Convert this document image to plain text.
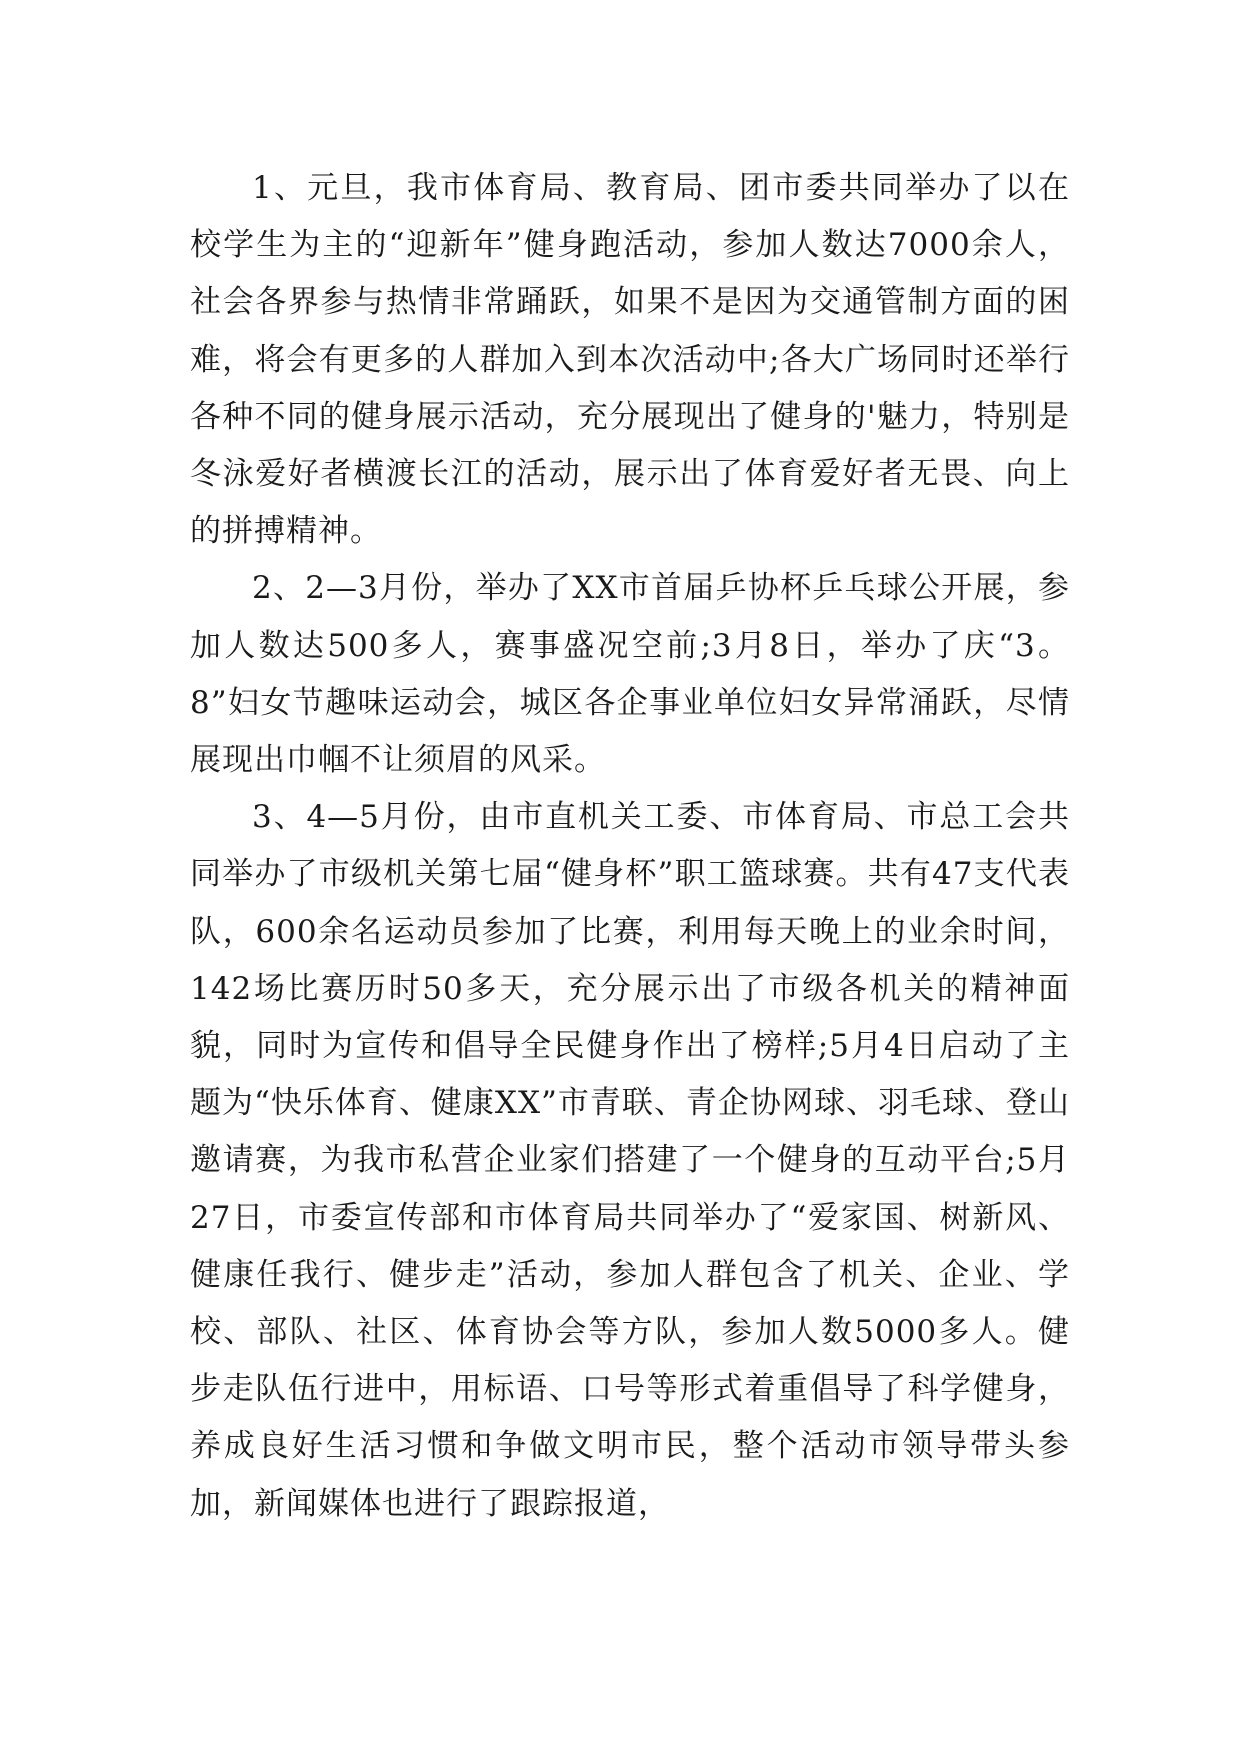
1、元旦，我市体育局、教育局、团市委共同举办了以在校学生为主的“迎新年”健身跑活动，参加人数达7000余人，社会各界参与热情非常踊跃，如果不是因为交通管制方面的困难，将会有更多的人群加入到本次活动中;各大广场同时还举行各种不同的健身展示活动，充分展现出了健身的'魅力，特别是冬泳爱好者横渡长江的活动，展示出了体育爱好者无畏、向上的拼搏精神。

2、2—3月份，举办了XX市首届乒协杯乒乓球公开展，参加人数达500多人，赛事盛况空前;3月8日，举办了庆“3。8”妇女节趣味运动会，城区各企事业单位妇女异常涌跃，尽情展现出巾帼不让须眉的风采。

3、4—5月份，由市直机关工委、市体育局、市总工会共同举办了市级机关第七届“健身杯”职工篮球赛。共有47支代表队，600余名运动员参加了比赛，利用每天晚上的业余时间，142场比赛历时50多天，充分展示出了市级各机关的精神面貌，同时为宣传和倡导全民健身作出了榜样;5月4日启动了主题为“快乐体育、健康XX”市青联、青企协网球、羽毛球、登山邀请赛，为我市私营企业家们搭建了一个健身的互动平台;5月27日，市委宣传部和市体育局共同举办了“爱家国、树新风、健康任我行、健步走”活动，参加人群包含了机关、企业、学校、部队、社区、体育协会等方队，参加人数5000多人。健步走队伍行进中，用标语、口号等形式着重倡导了科学健身，养成良好生活习惯和争做文明市民，整个活动市领导带头参加，新闻媒体也进行了跟踪报道，
